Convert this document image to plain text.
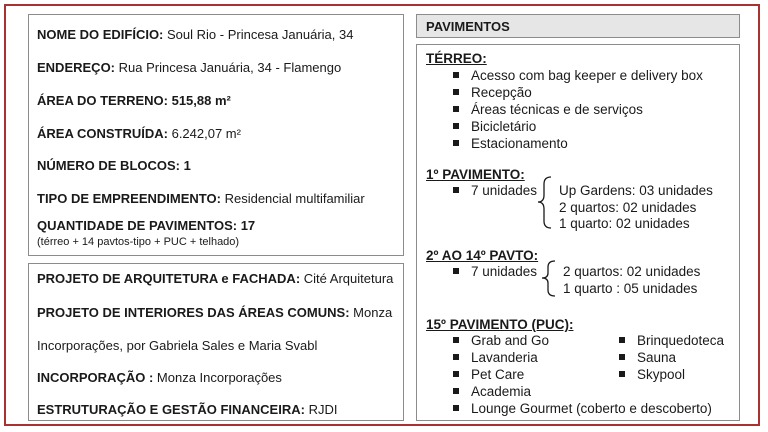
NOME DO EDIFÍCIO: Soul Rio - Princesa Januária, 34
ENDEREÇO: Rua Princesa Januária, 34 - Flamengo
ÁREA DO TERRENO: 515,88 m²
ÁREA CONSTRUÍDA: 6.242,07 m²
NÚMERO DE BLOCOS: 1
TIPO DE EMPREENDIMENTO: Residencial multifamiliar
QUANTIDADE DE PAVIMENTOS: 17
(térreo + 14 pavtos-tipo + PUC + telhado)
PROJETO DE ARQUITETURA e FACHADA: Cité Arquitetura
PROJETO DE INTERIORES DAS ÁREAS COMUNS: Monza
Incorporações, por Gabriela Sales e Maria Svabl
INCORPORAÇÃO : Monza Incorporações
ESTRUTURAÇÃO E GESTÃO FINANCEIRA: RJDI
PAVIMENTOS
TÉRREO:
Acesso com bag keeper e delivery box
Recepção
Áreas técnicas e de serviços
Bicicletário
Estacionamento
1º PAVIMENTO:
7 unidades Up Gardens: 03 unidades
2 quartos: 02 unidades
1 quarto: 02 unidades
2º AO 14º PAVTO:
7 unidades 2 quartos: 02 unidades
1 quarto : 05 unidades
15º PAVIMENTO (PUC):
Grab and Go
Lavanderia
Pet Care
Academia
Lounge Gourmet (coberto e descoberto)
Brinquedoteca
Sauna
Skypool
